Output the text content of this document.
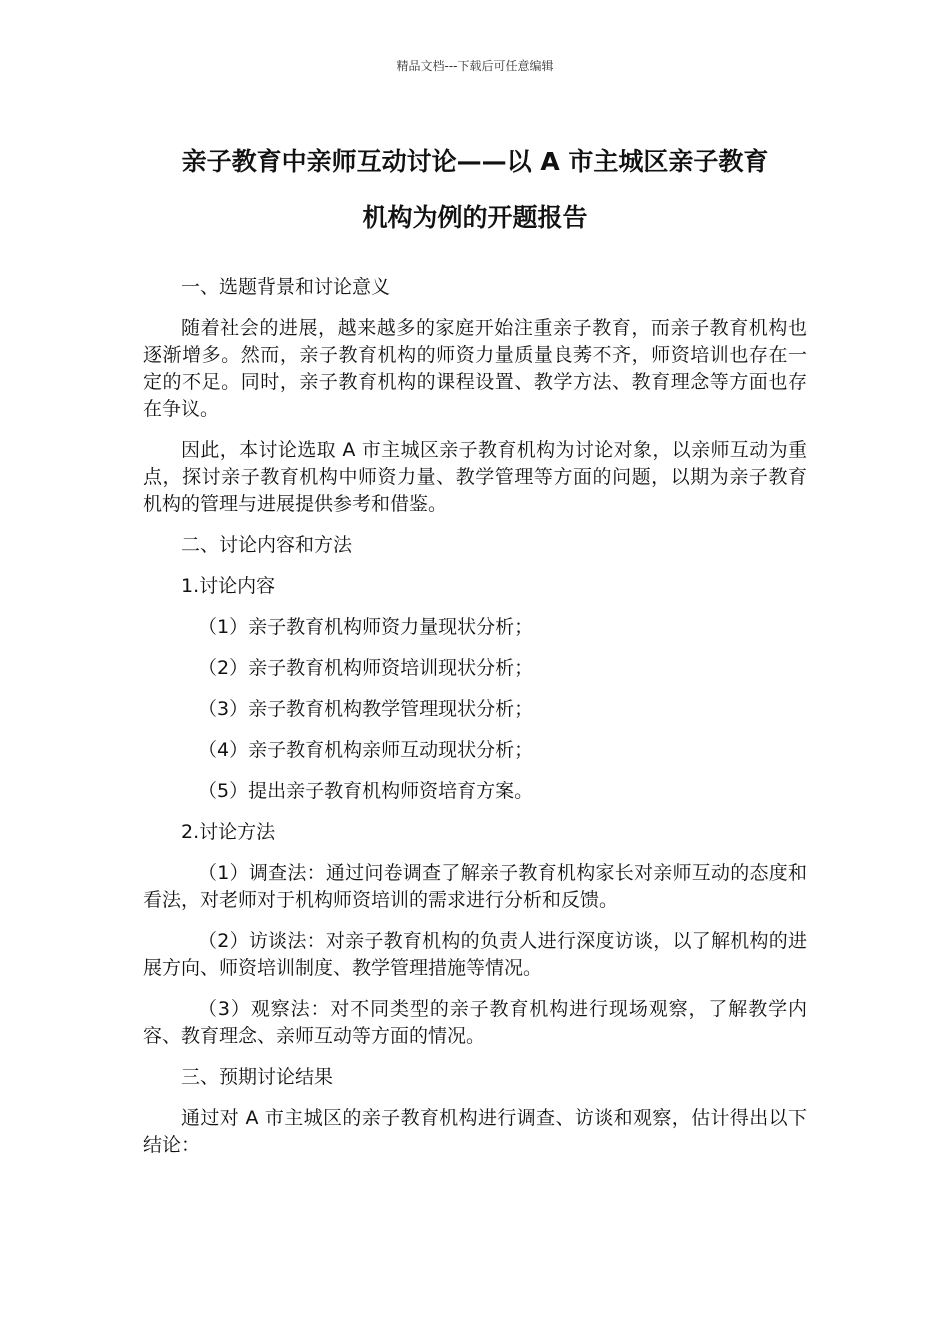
精品文档---下载后可任意编辑
亲子教育中亲师互动讨论——以 A 市主城区亲子教育
机构为例的开题报告

一、选题背景和讨论意义

随着社会的进展，越来越多的家庭开始注重亲子教育，而亲子教育机构也逐渐增多。然而，亲子教育机构的师资力量质量良莠不齐，师资培训也存在一定的不足。同时，亲子教育机构的课程设置、教学方法、教育理念等方面也存在争议。

因此，本讨论选取 A 市主城区亲子教育机构为讨论对象，以亲师互动为重点，探讨亲子教育机构中师资力量、教学管理等方面的问题，以期为亲子教育机构的管理与进展提供参考和借鉴。

二、讨论内容和方法

1.讨论内容

（1）亲子教育机构师资力量现状分析；

（2）亲子教育机构师资培训现状分析；

（3）亲子教育机构教学管理现状分析；

（4）亲子教育机构亲师互动现状分析；

（5）提出亲子教育机构师资培育方案。

2.讨论方法

（1）调查法：通过问卷调查了解亲子教育机构家长对亲师互动的态度和看法，对老师对于机构师资培训的需求进行分析和反馈。

（2）访谈法：对亲子教育机构的负责人进行深度访谈，以了解机构的进展方向、师资培训制度、教学管理措施等情况。

（3）观察法：对不同类型的亲子教育机构进行现场观察，了解教学内容、教育理念、亲师互动等方面的情况。

三、预期讨论结果

通过对 A 市主城区的亲子教育机构进行调查、访谈和观察，估计得出以下结论：
